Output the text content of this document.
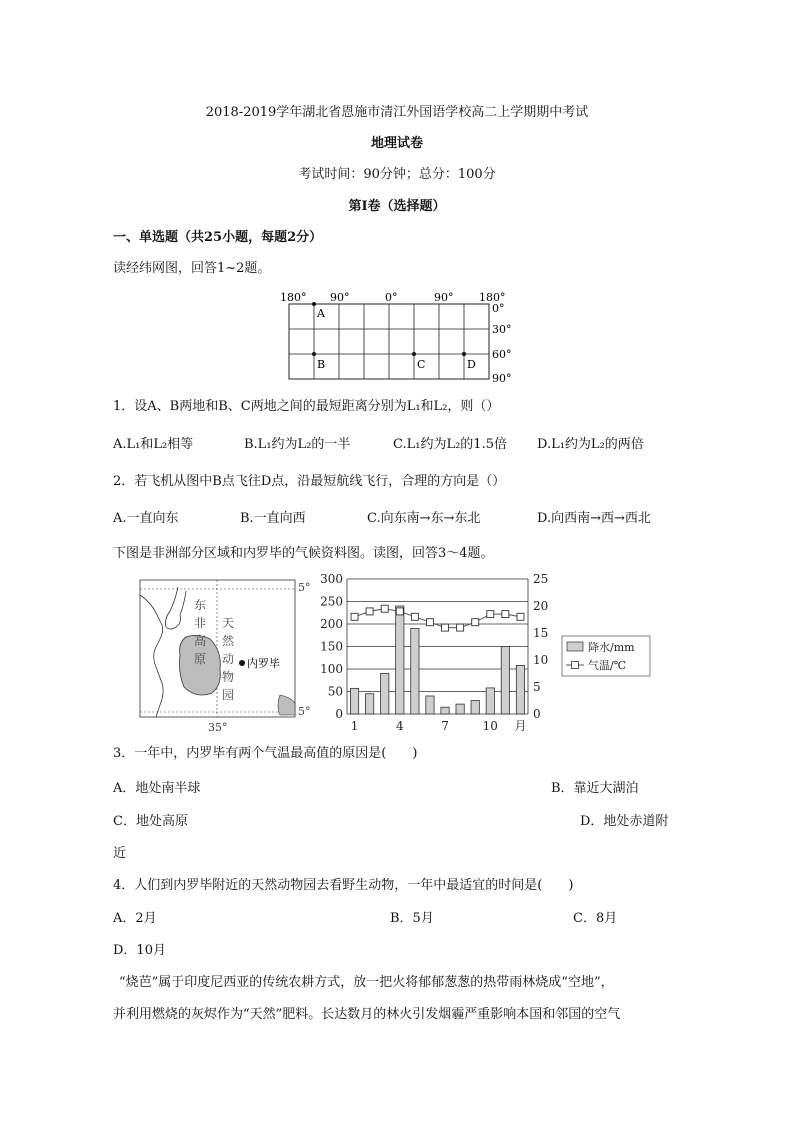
2018-2019学年湖北省恩施市清江外国语学校高二上学期期中考试
地理试卷
考试时间：90分钟；总分：100分
第I卷（选择题）
一、单选题（共25小题，每题2分）
读经纬网图，回答1~2题。
180° 90°	0°	90° 180°
0°
30°
60°
90°
A
B	C	D
1．设A、B两地和B、C两地之间的最短距离分别为L₁和L₂，则（）
A.L₁和L₂相等	B.L₁约为L₂的一半	C.L₁约为L₂的1.5倍 D.L₁约为L₂的两倍
2．若飞机从图中B点飞往D点，沿最短航线飞行，合理的方向是（）
A.一直向东	B.一直向西	C.向东南→东→东北	D.向西南→西→西北
下图是非洲部分区域和内罗毕的气候资料图。读图，回答3～4题。
东
非
高
原
天
然
动
物
园
内罗毕
5°
5°
35°
0
50
100
150
200
250
300
0
5
10
15
20
25
1	4	7	10 月
降水/mm
气温/℃
3．一年中，内罗毕有两个气温最高值的原因是(　　)
A．地处南半球	B．靠近大湖泊
C．地处高原	D．地处赤道附
近
4．人们到内罗毕附近的天然动物园去看野生动物，一年中最适宜的时间是(　　)
A．2月	B．5月	C．8月
D．10月
“烧芭”属于印度尼西亚的传统农耕方式，放一把火将郁郁葱葱的热带雨林烧成“空地”，
并利用燃烧的灰烬作为“天然”肥料。长达数月的林火引发烟霾严重影响本国和邻国的空气
